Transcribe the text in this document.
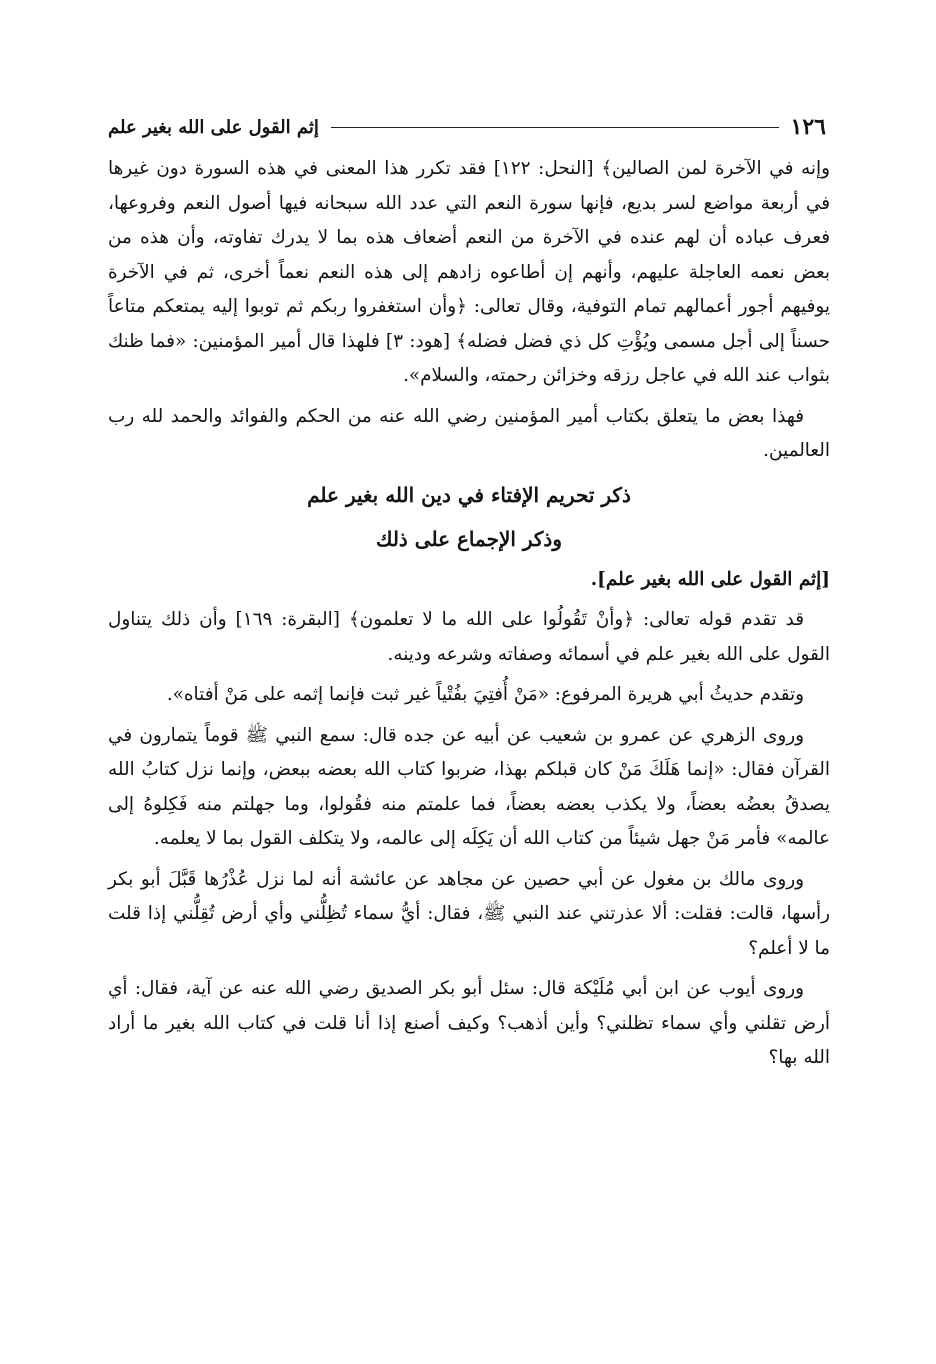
١٢٦
إثم القول على الله بغير علم

وإنه في الآخرة لمن الصالين﴾ [النحل: ١٢٢] فقد تكرر هذا المعنى في هذه السورة دون غيرها في أربعة مواضع لسر بديع، فإنها سورة النعم التي عدد الله سبحانه فيها أصول النعم وفروعها، فعرف عباده أن لهم عنده في الآخرة من النعم أضعاف هذه بما لا يدرك تفاوته، وأن هذه من بعض نعمه العاجلة عليهم، وأنهم إن أطاعوه زادهم إلى هذه النعم نعماً أخرى، ثم في الآخرة يوفيهم أجور أعمالهم تمام التوفية، وقال تعالى: ﴿وأن استغفروا ربكم ثم توبوا إليه يمتعكم متاعاً حسناً إلى أجل مسمى ويُؤْتِ كل ذي فضل فضله﴾ [هود: ٣] فلهذا قال أمير المؤمنين: «فما ظنك بثواب عند الله في عاجل رزقه وخزائن رحمته، والسلام».

فهذا بعض ما يتعلق بكتاب أمير المؤمنين رضي الله عنه من الحكم والفوائد والحمد لله رب العالمين.

ذكر تحريم الإفتاء في دين الله بغير علم
وذكر الإجماع على ذلك

[إثم القول على الله بغير علم].

قد تقدم قوله تعالى: ﴿وأنْ تَقُولُوا على الله ما لا تعلمون﴾ [البقرة: ١٦٩] وأن ذلك يتناول القول على الله بغير علم في أسمائه وصفاته وشرعه ودينه.

وتقدم حديثُ أبي هريرة المرفوع: «مَنْ أُفتِيَ بفُتْياً غير ثبت فإنما إثمه على مَنْ أفتاه».

وروى الزهري عن عمرو بن شعيب عن أبيه عن جده قال: سمع النبي ﷺ قوماً يتمارون في القرآن فقال: «إنما هَلَكَ مَنْ كان قبلكم بهذا، ضربوا كتاب الله بعضه ببعض، وإنما نزل كتابُ الله يصدقُ بعضُه بعضاً، ولا يكذب بعضه بعضاً، فما علمتم منه فقُولوا، وما جهلتم منه فَكِلوهُ إلى عالمه» فأمر مَنْ جهل شيئاً من كتاب الله أن يَكِلَه إلى عالمه، ولا يتكلف القول بما لا يعلمه.

وروى مالك بن مغول عن أبي حصين عن مجاهد عن عائشة أنه لما نزل عُذْرُها قَبَّلَ أبو بكر رأسها، قالت: فقلت: ألا عذرتني عند النبي ﷺ، فقال: أيُّ سماء تُظِلُّني وأي أرض تُقِلُّني إذا قلت ما لا أعلم؟

وروى أيوب عن ابن أبي مُلَيْكة قال: سئل أبو بكر الصديق رضي الله عنه عن آية، فقال: أي أرض تقلني وأي سماء تظلني؟ وأين أذهب؟ وكيف أصنع إذا أنا قلت في كتاب الله بغير ما أراد الله بها؟
